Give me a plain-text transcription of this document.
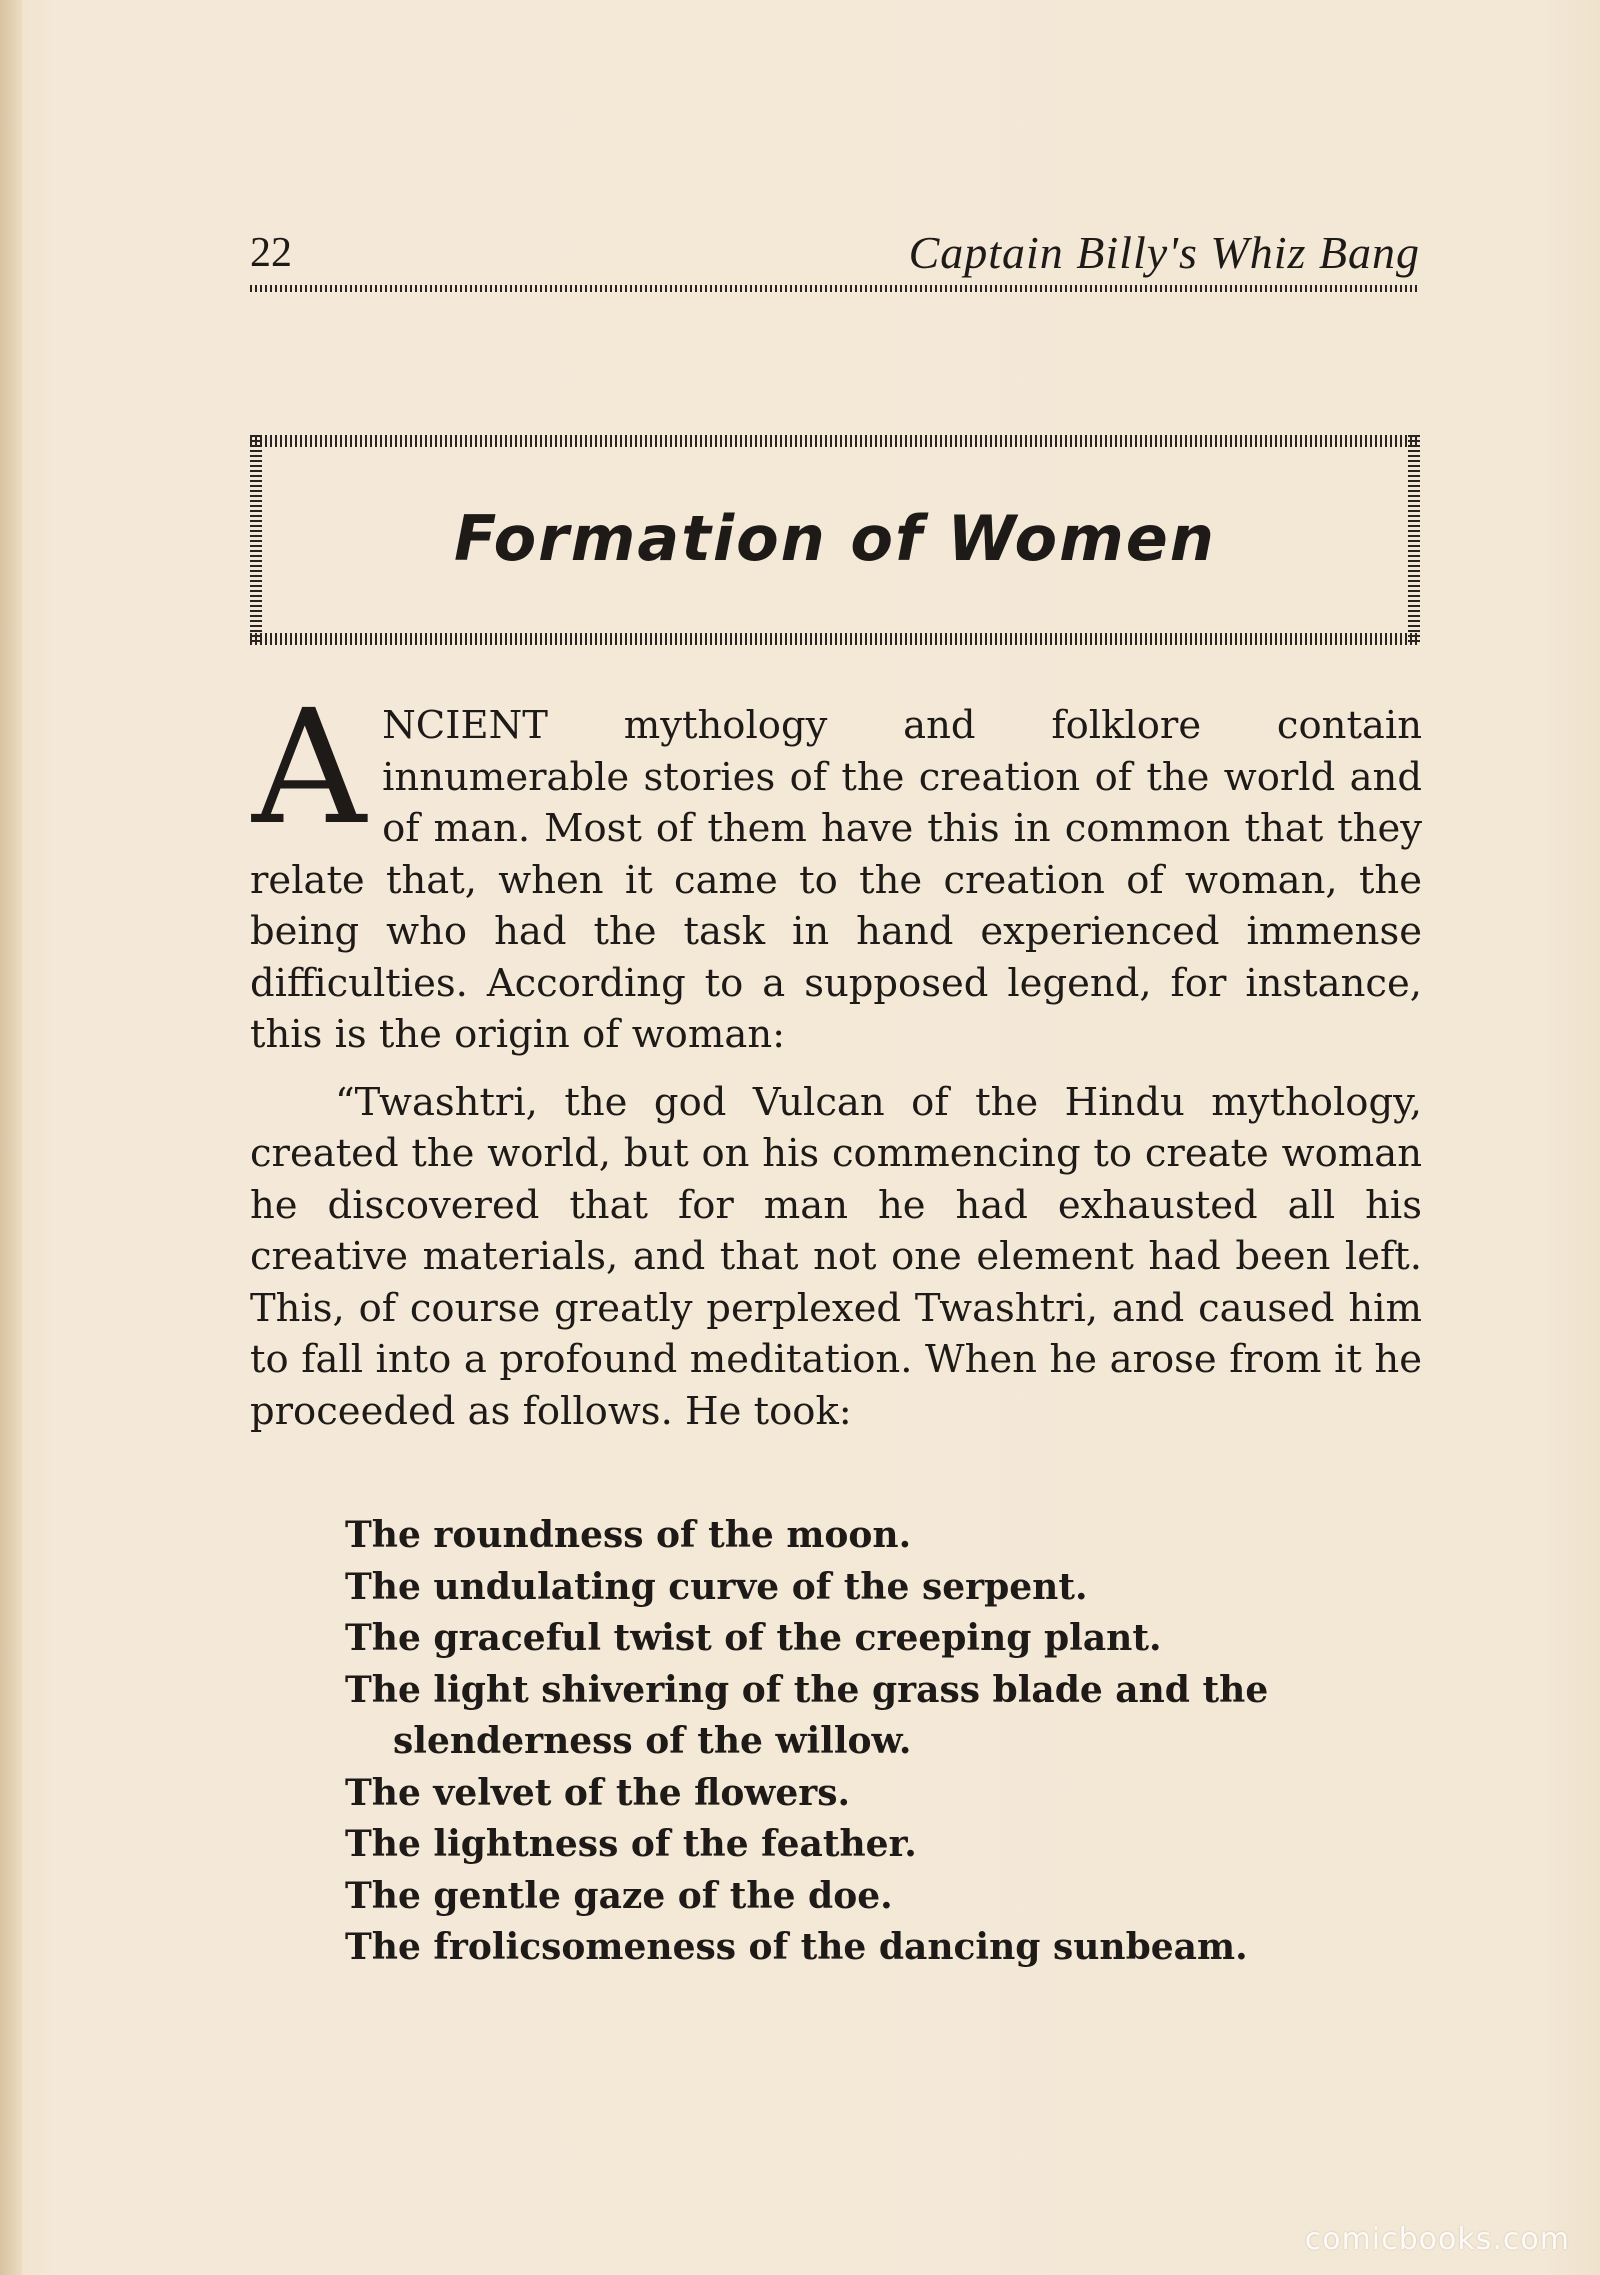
22	Captain Billy's Whiz Bang
Formation of Women

ANCIENT mythology and folklore contain innumerable stories of the creation of the world and of man. Most of them have this in common that they relate that, when it came to the creation of woman, the being who had the task in hand experienced immense difficulties. According to a supposed legend, for instance, this is the origin of woman:

“Twashtri, the god Vulcan of the Hindu mythology, created the world, but on his commencing to create woman he discovered that for man he had exhausted all his creative materials, and that not one element had been left. This, of course greatly perplexed Twashtri, and caused him to fall into a profound meditation. When he arose from it he proceeded as follows. He took:

The roundness of the moon.
The undulating curve of the serpent.
The graceful twist of the creeping plant.
The light shivering of the grass blade and the slenderness of the willow.
The velvet of the flowers.
The lightness of the feather.
The gentle gaze of the doe.
The frolicsomeness of the dancing sunbeam.
comicbooks.com
